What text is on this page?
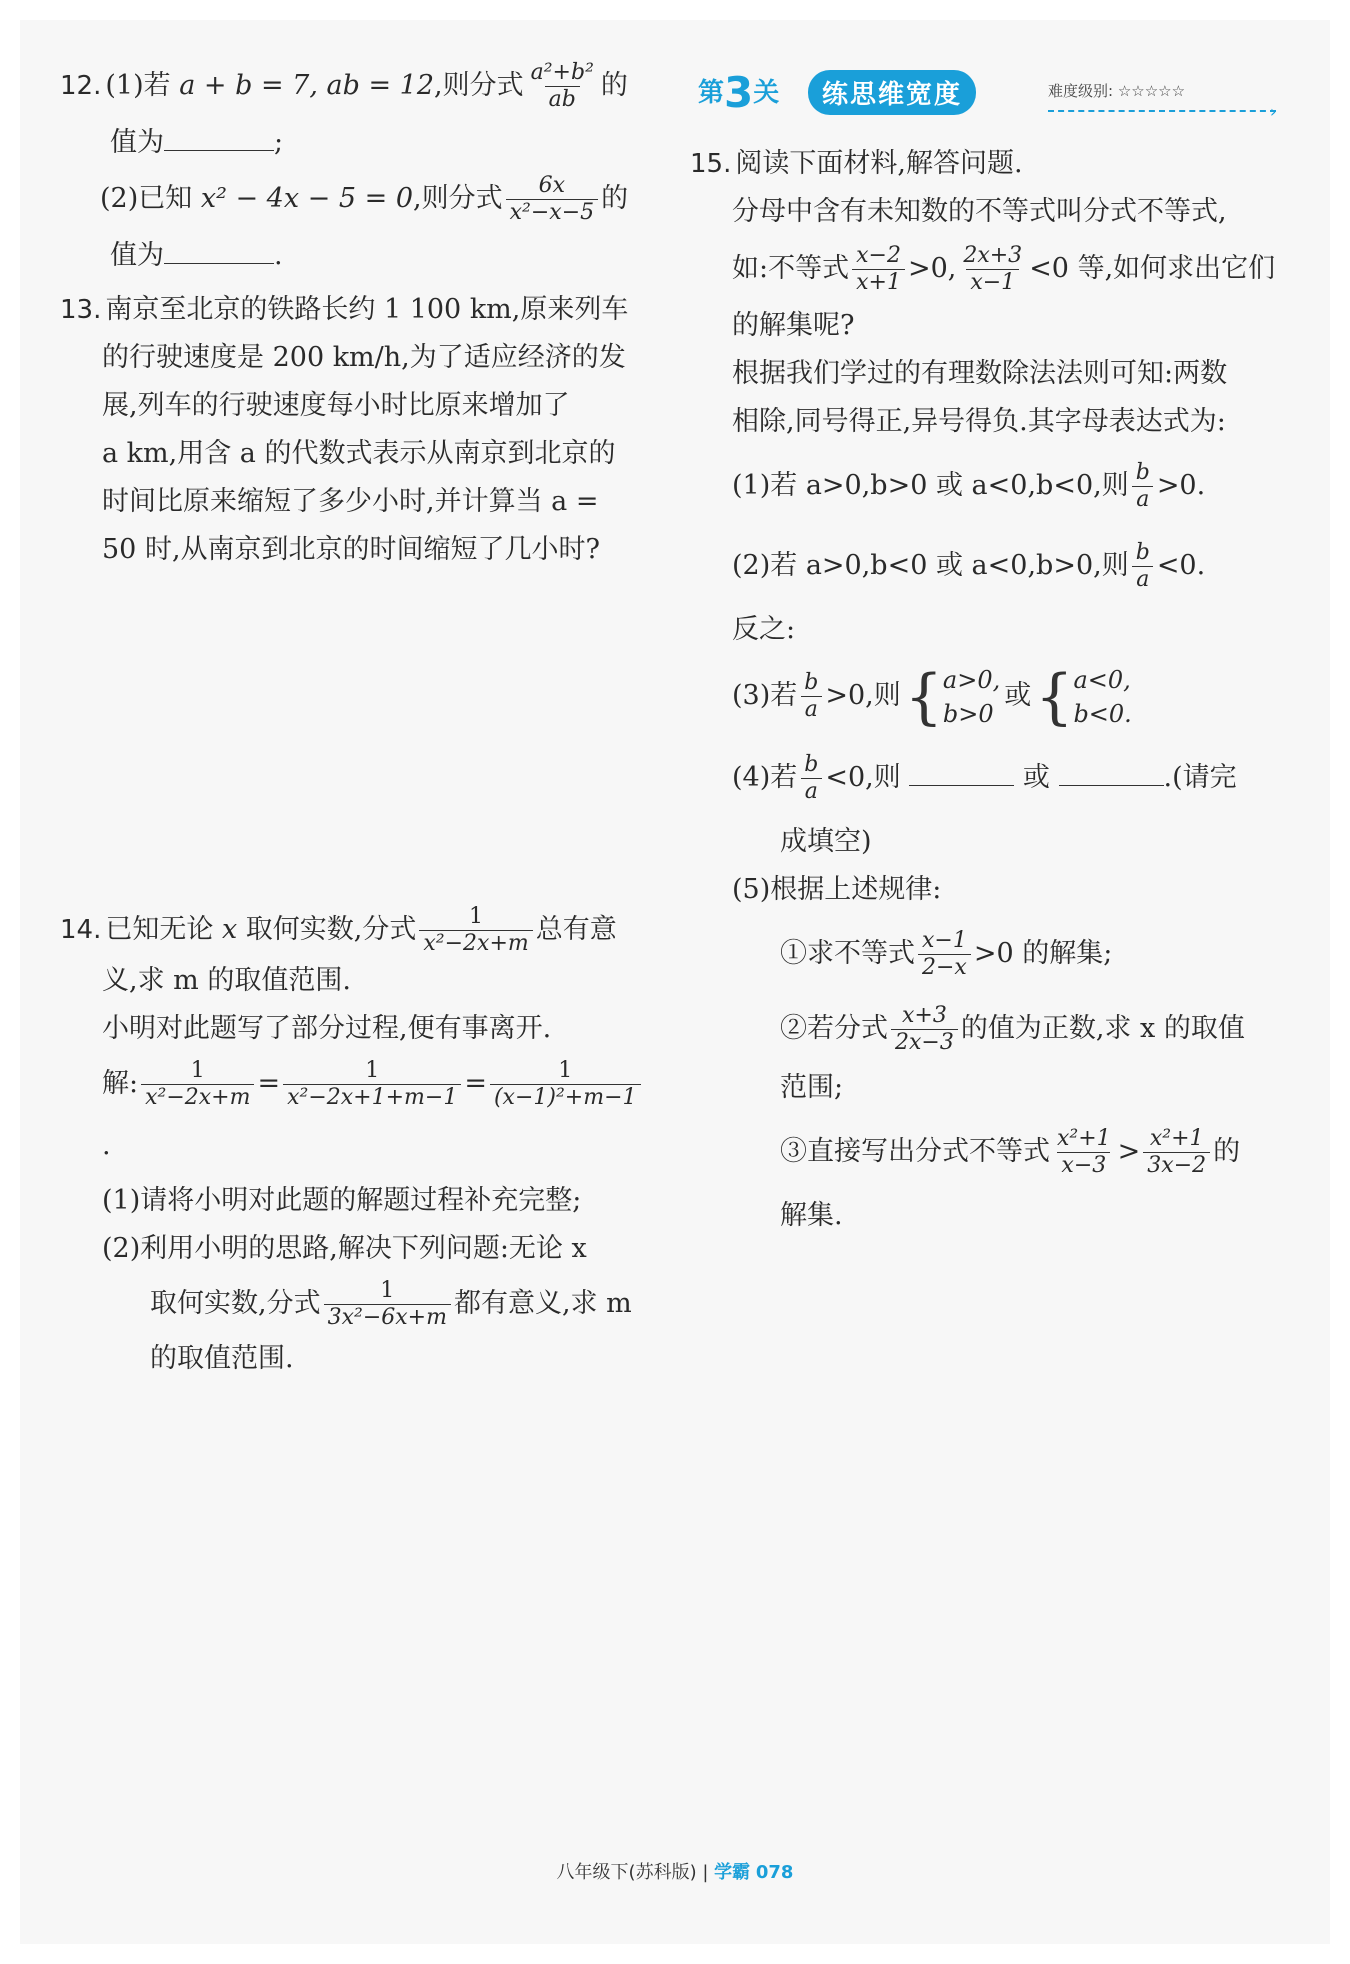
第3关	练思维宽度	难度级别: ☆☆☆☆☆
›
12. (1)若 a + b = 7, ab = 12,则分式 $\frac{\text{a²+b²}}{ab}$ 的
值为	;
(2)已知 x² − 4x − 5 = 0,则分式 $\frac{6x}{\text{x²−x−5}}$ 的
值为	.
13. 南京至北京的铁路长约 1 100 km,原来列车
的行驶速度是 200 km/h,为了适应经济的发
展,列车的行驶速度每小时比原来增加了
a km,用含 a 的代数式表示从南京到北京的
时间比原来缩短了多少小时,并计算当 a =
50 时,从南京到北京的时间缩短了几小时?
14. 已知无论 x 取何实数,分式 $\frac{1}{\text{x²−2x+m}}$ 总有意
义,求 m 的取值范围.
小明对此题写了部分过程,便有事离开.
解: $\frac{1}{\text{x²−2x+m}} = \frac{1}{\text{x²−2x+1+m−1}} = \frac{1}{\text{(x−1)²+m−1}}$
.
(1)请将小明对此题的解题过程补充完整;
(2)利用小明的思路,解决下列问题:无论 x
取何实数,分式 $\frac{1}{\text{3x²−6x+m}}$ 都有意义,求 m
的取值范围.
15. 阅读下面材料,解答问题.
分母中含有未知数的不等式叫分式不等式,
如:不等式 $\frac{x-2}{x+1} >0$, $\frac{2x+3}{x-1} <0$ 等,如何求出它们
的解集呢?
根据我们学过的有理数除法法则可知:两数
相除,同号得正,异号得负.其字母表达式为:
(1)若 a>0,b>0 或 a<0,b<0,则 $\frac{b}{a} >0$.
(2)若 a>0,b<0 或 a<0,b>0,则 $\frac{b}{a} <0$.
反之:
(3)若 $\frac{b}{a} >0$,则 { a>0,
b>0
或 { a<0,
b<0.
(4)若 $\frac{b}{a} <0$,则	或	.(请完
成填空)
(5)根据上述规律:
①求不等式 $\frac{x-1}{2-x} >0$ 的解集;
②若分式 $\frac{x+3}{2x-3}$ 的值为正数,求 x 的取值
范围;
③直接写出分式不等式 $\frac{\text{x²+1}}{x-3} > \frac{\text{x²+1}}{3x-2}$ 的
解集.
八年级下(苏科版) | 学霸 078
